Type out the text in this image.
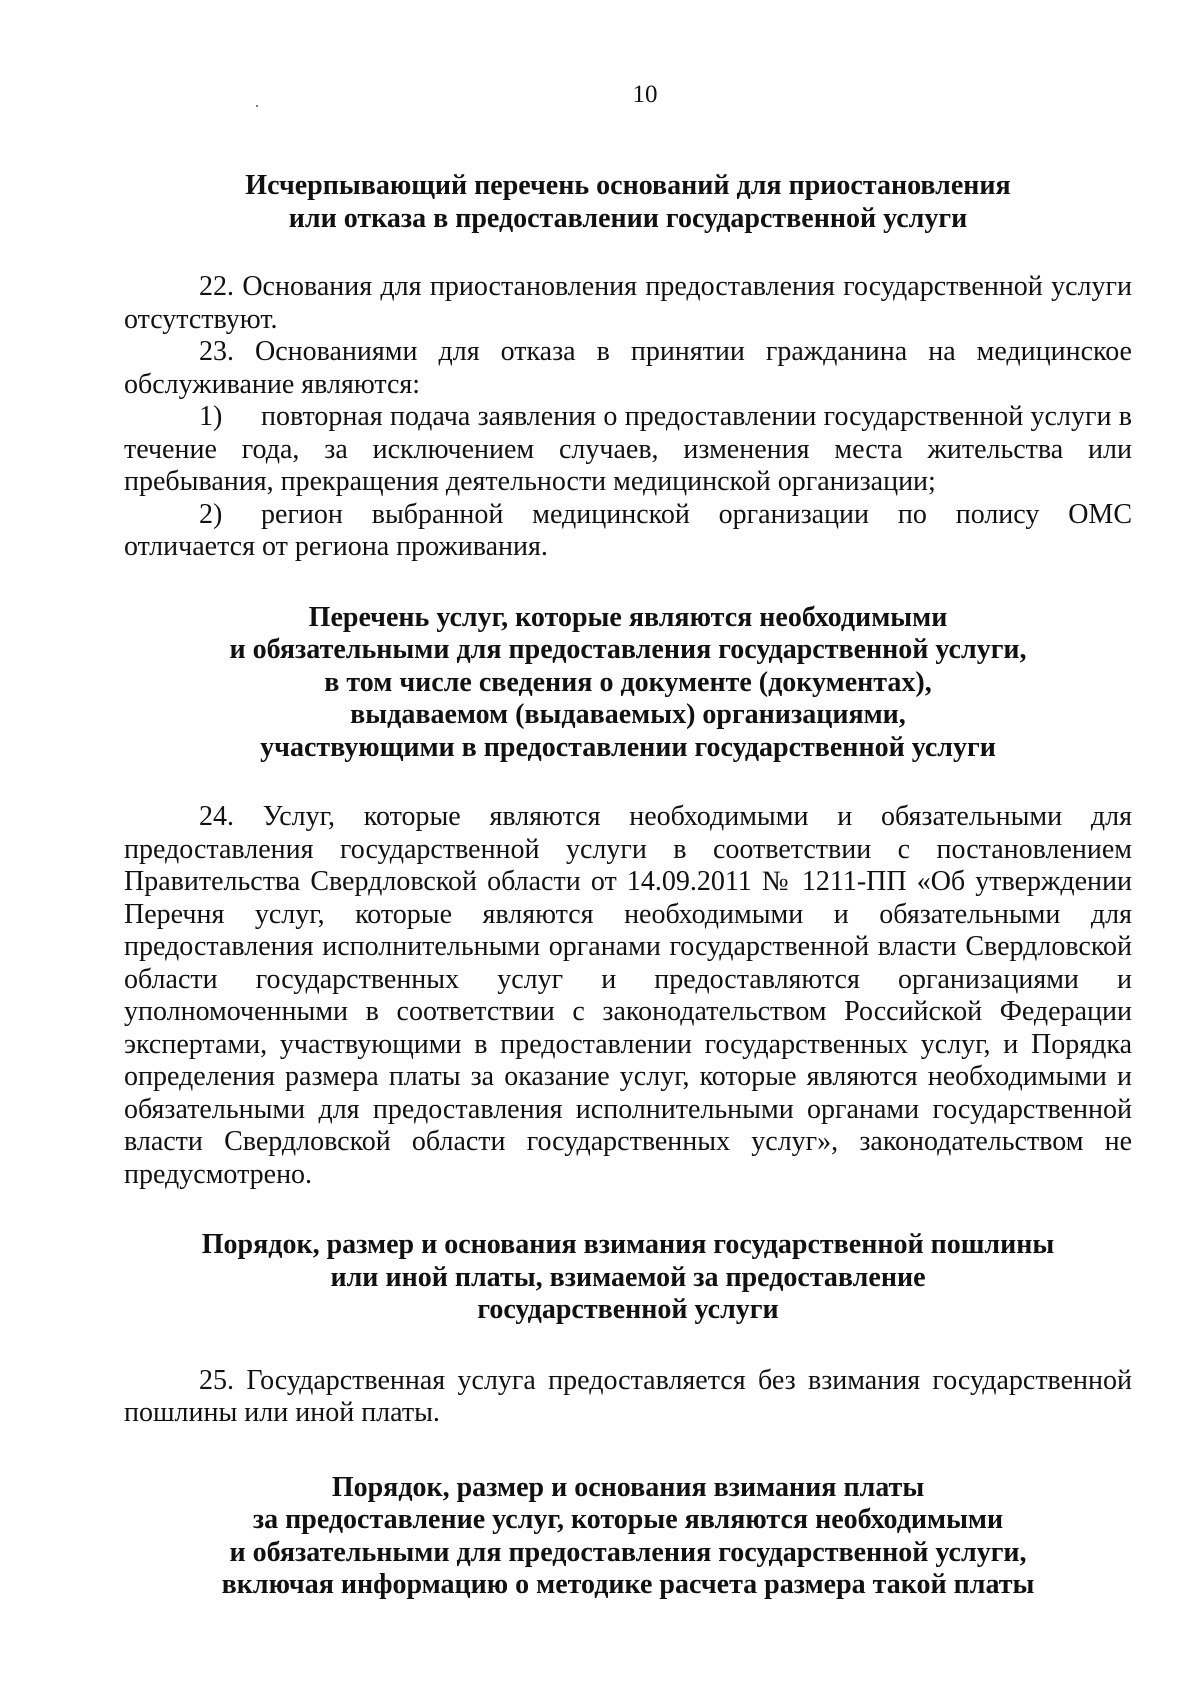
10
Исчерпывающий перечень оснований для приостановления
или отказа в предоставлении государственной услуги

22. Основания для приостановления предоставления государственной услуги отсутствуют.

23. Основаниями для отказа в принятии гражданина на медицинское обслуживание являются:

1) повторная подача заявления о предоставлении государственной услуги в течение года, за исключением случаев, изменения места жительства или пребывания, прекращения деятельности медицинской организации;

2) регион выбранной медицинской организации по полису ОМС отличается от региона проживания.

Перечень услуг, которые являются необходимыми
и обязательными для предоставления государственной услуги,
в том числе сведения о документе (документах),
выдаваемом (выдаваемых) организациями,
участвующими в предоставлении государственной услуги

24. Услуг, которые являются необходимыми и обязательными для предоставления государственной услуги в соответствии с постановлением Правительства Свердловской области от 14.09.2011 № 1211-ПП «Об утверждении Перечня услуг, которые являются необходимыми и обязательными для предоставления исполнительными органами государственной власти Свердловской области государственных услуг и предоставляются организациями и уполномоченными в соответствии с законодательством Российской Федерации экспертами, участвующими в предоставлении государственных услуг, и Порядка определения размера платы за оказание услуг, которые являются необходимыми и обязательными для предоставления исполнительными органами государственной власти Свердловской области государственных услуг», законодательством не предусмотрено.

Порядок, размер и основания взимания государственной пошлины
или иной платы, взимаемой за предоставление
государственной услуги

25. Государственная услуга предоставляется без взимания государственной пошлины или иной платы.

Порядок, размер и основания взимания платы
за предоставление услуг, которые являются необходимыми
и обязательными для предоставления государственной услуги,
включая информацию о методике расчета размера такой платы
